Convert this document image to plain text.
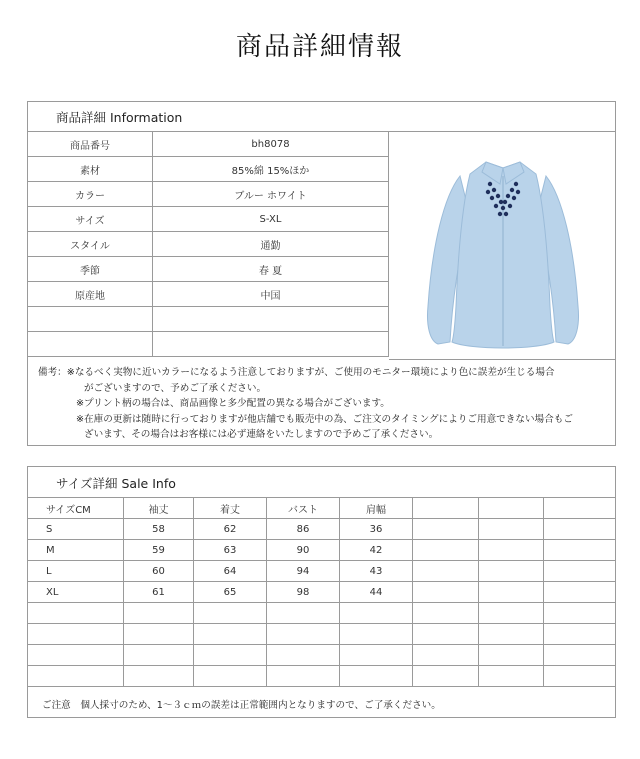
商品詳細情報
商品詳細 Information
商品番号	bh8078
素材	85%綿 15%ほか
カラー	ブルー ホワイト
サイズ	S-XL
スタイル	通勤
季節	春 夏
原産地	中国

備考：※なるべく実物に近いカラーになるよう注意しておりますが、ご使用のモニター環境により色に誤差が生じる場合
がございますので、予めご了承ください。
※プリント柄の場合は、商品画像と多少配置の異なる場合がございます。
※在庫の更新は随時に行っておりますが他店舗でも販売中の為、ご注文のタイミングによりご用意できない場合もご
ざいます、その場合はお客様には必ず連絡をいたしますので予めご了承ください。
サイズ詳細 Sale Info
サイズCM	袖丈	着丈	バスト	肩幅			
S	58	62	86	36			
M	59	63	90	42			
L	60	64	94	43			
XL	61	65	98	44			

ご注意　個人採寸のため、1～３ｃｍの誤差は正常範囲内となりますので、ご了承ください。
